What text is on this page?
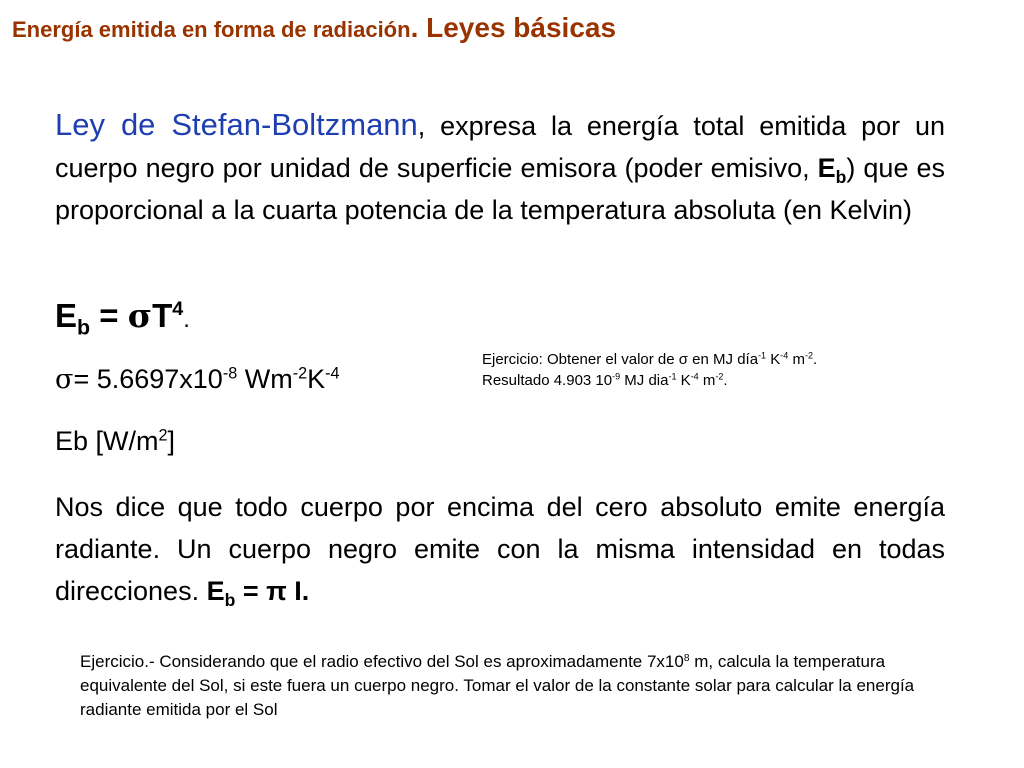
Energía emitida en forma de radiación. Leyes básicas
Ley de Stefan-Boltzmann, expresa la energía total emitida por un cuerpo negro por unidad de superficie emisora (poder emisivo, $E_b$) que es proporcional a la cuarta potencia de la temperatura absoluta (en Kelvin)
$E_b = \sigma T^4$.
$\sigma= 5.6697x10^{-8}$ $Wm^{-2}K^{-4}$
Ejercicio: Obtener el valor de σ en MJ día$^{-1}$ $K^{-4}$ $m^{-2}$.
Resultado 4.903 $10^{-9}$ MJ dia$^{-1}$ $K^{-4}$ $m^{-2}$.
Eb $[W/m^2]$
Nos dice que todo cuerpo por encima del cero absoluto emite energía radiante. Un cuerpo negro emite con la misma intensidad en todas direcciones. $E_b = \pi$ I.
Ejercicio.- Considerando que el radio efectivo del Sol es aproximadamente $7x10^8$ m, calcula la temperatura equivalente del Sol, si este fuera un cuerpo negro. Tomar el valor de la constante solar para calcular la energía radiante emitida por el Sol
